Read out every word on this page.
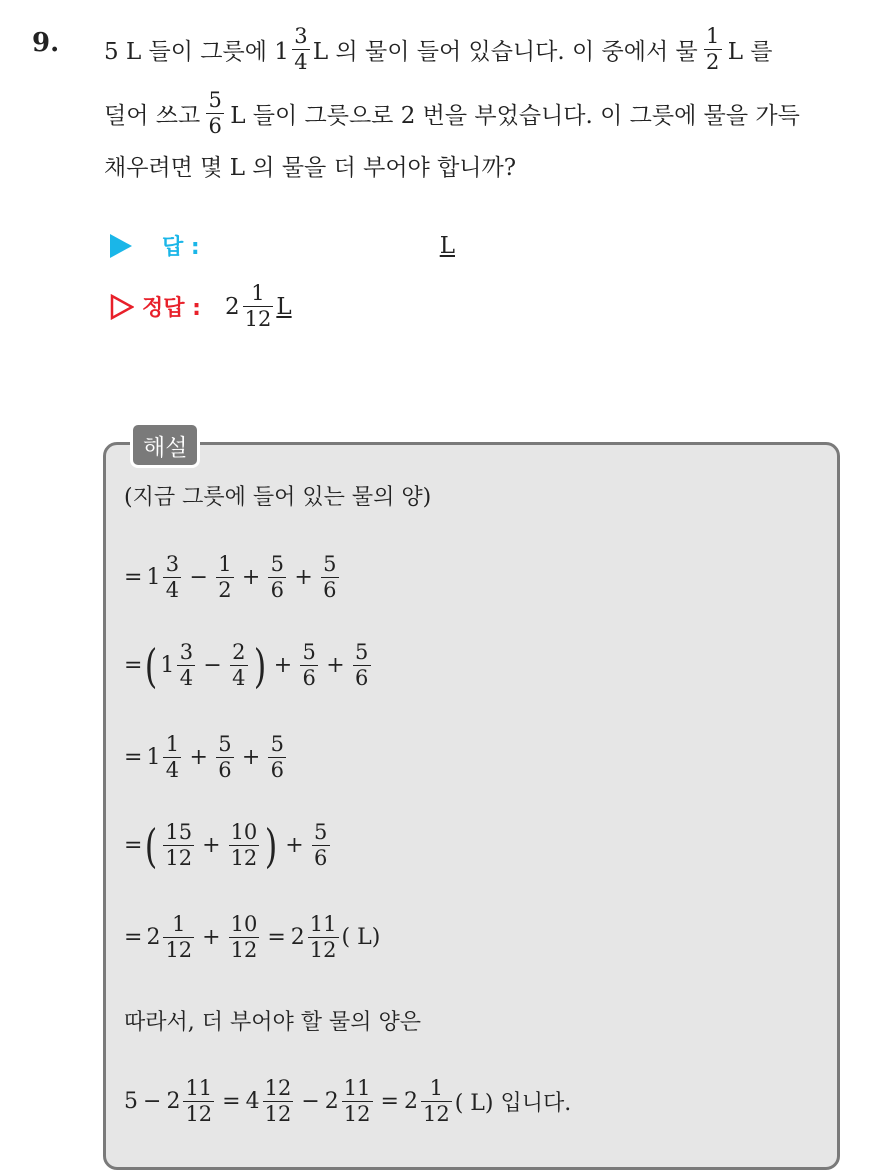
9. 5 L 들이 그릇에 $1 \frac{3}{4}$ L 의 물이 들어 있습니다. 이 중에서 물 $\frac{1}{2}$ L 를
덜어 쓰고 $\frac{5}{6}$ L 들이 그릇으로 2 번을 부었습니다. 이 그릇에 물을 가득
채우려면 몇 L 의 물을 더 부어야 합니까?
답 :	L
정답 : $2 \frac{1}{12}$ L
해설
(지금 그릇에 들어 있는 물의 양)
= $1 \frac{3}{4} - \frac{1}{2} + \frac{5}{6} + \frac{5}{6}$
= ( $1 \frac{3}{4} - \frac{2}{4}$ ) + $\frac{5}{6} + \frac{5}{6}$
= $1 \frac{1}{4} + \frac{5}{6} + \frac{5}{6}$
= ( $\frac{15}{12} + \frac{10}{12}$ ) + $\frac{5}{6}$
= $2 \frac{1}{12} + \frac{10}{12} = 2 \frac{11}{12}$ ( L)
따라서, 더 부어야 할 물의 양은
$5 - 2 \frac{11}{12} = 4 \frac{12}{12} - 2 \frac{11}{12} = 2 \frac{1}{12}$ ( L) 입니다.
